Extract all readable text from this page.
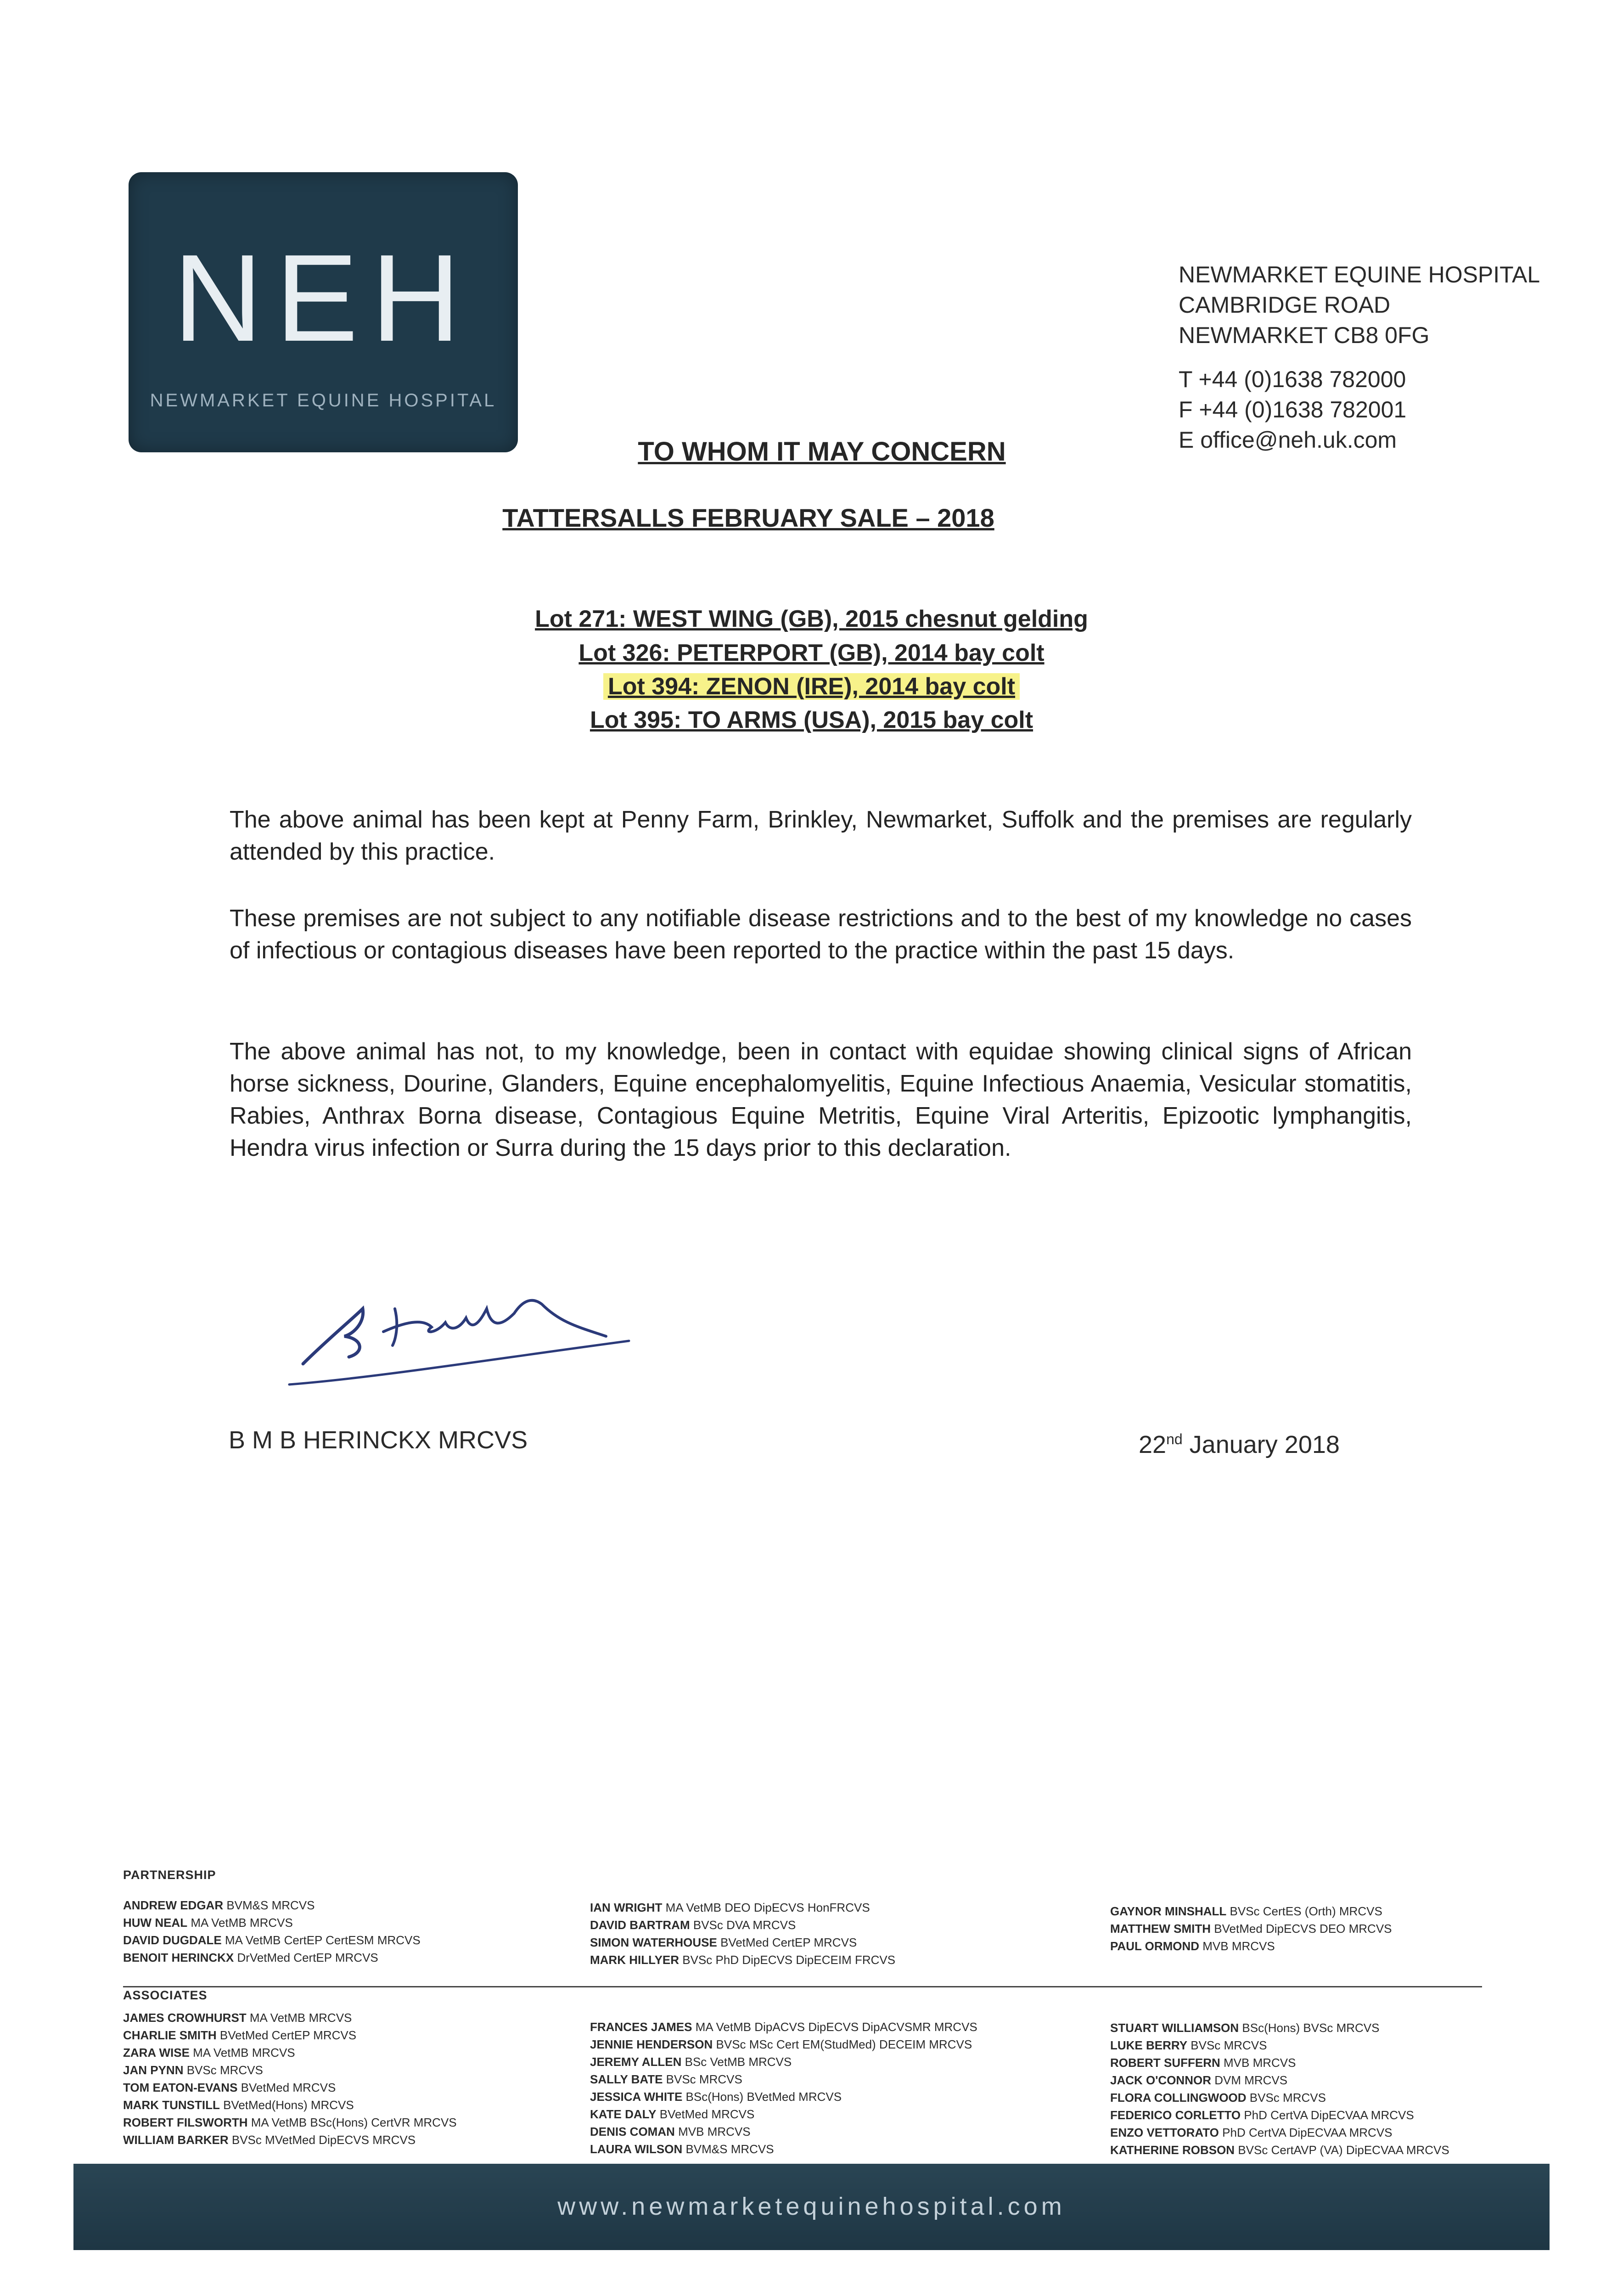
NEH
NEWMARKET EQUINE HOSPITAL
NEWMARKET EQUINE HOSPITAL
CAMBRIDGE ROAD
NEWMARKET CB8 0FG
T +44 (0)1638 782000
F +44 (0)1638 782001
E office@neh.uk.com
TO WHOM IT MAY CONCERN
TATTERSALLS FEBRUARY SALE – 2018
Lot 271: WEST WING (GB), 2015 chesnut gelding
Lot 326: PETERPORT (GB), 2014 bay colt
Lot 394: ZENON (IRE), 2014 bay colt
Lot 395: TO ARMS (USA), 2015 bay colt
The above animal has been kept at Penny Farm, Brinkley, Newmarket, Suffolk and the premises are regularly attended by this practice.
These premises are not subject to any notifiable disease restrictions and to the best of my knowledge no cases of infectious or contagious diseases have been reported to the practice within the past 15 days.
The above animal has not, to my knowledge, been in contact with equidae showing clinical signs of African horse sickness, Dourine, Glanders, Equine encephalomyelitis, Equine Infectious Anaemia, Vesicular stomatitis, Rabies, Anthrax Borna disease, Contagious Equine Metritis, Equine Viral Arteritis, Epizootic lymphangitis, Hendra virus infection or Surra during the 15 days prior to this declaration.
B M B HERINCKX MRCVS	22nd January 2018
PARTNERSHIP
ANDREW EDGAR BVM&S MRCVS
HUW NEAL MA VetMB MRCVS
DAVID DUGDALE MA VetMB CertEP CertESM MRCVS
BENOIT HERINCKX DrVetMed CertEP MRCVS
IAN WRIGHT MA VetMB DEO DipECVS HonFRCVS
DAVID BARTRAM BVSc DVA MRCVS
SIMON WATERHOUSE BVetMed CertEP MRCVS
MARK HILLYER BVSc PhD DipECVS DipECEIM FRCVS
GAYNOR MINSHALL BVSc CertES (Orth) MRCVS
MATTHEW SMITH BVetMed DipECVS DEO MRCVS
PAUL ORMOND MVB MRCVS
ASSOCIATES
JAMES CROWHURST MA VetMB MRCVS
CHARLIE SMITH BVetMed CertEP MRCVS
ZARA WISE MA VetMB MRCVS
JAN PYNN BVSc MRCVS
TOM EATON-EVANS BVetMed MRCVS
MARK TUNSTILL BVetMed(Hons) MRCVS
ROBERT FILSWORTH MA VetMB BSc(Hons) CertVR MRCVS
WILLIAM BARKER BVSc MVetMed DipECVS MRCVS
FRANCES JAMES MA VetMB DipACVS DipECVS DipACVSMR MRCVS
JENNIE HENDERSON BVSc MSc Cert EM(StudMed) DECEIM MRCVS
JEREMY ALLEN BSc VetMB MRCVS
SALLY BATE BVSc MRCVS
JESSICA WHITE BSc(Hons) BVetMed MRCVS
KATE DALY BVetMed MRCVS
DENIS COMAN MVB MRCVS
LAURA WILSON BVM&S MRCVS
STUART WILLIAMSON BSc(Hons) BVSc MRCVS
LUKE BERRY BVSc MRCVS
ROBERT SUFFERN MVB MRCVS
JACK O'CONNOR DVM MRCVS
FLORA COLLINGWOOD BVSc MRCVS
FEDERICO CORLETTO PhD CertVA DipECVAA MRCVS
ENZO VETTORATO PhD CertVA DipECVAA MRCVS
KATHERINE ROBSON BVSc CertAVP (VA) DipECVAA MRCVS
www.newmarketequinehospital.com
